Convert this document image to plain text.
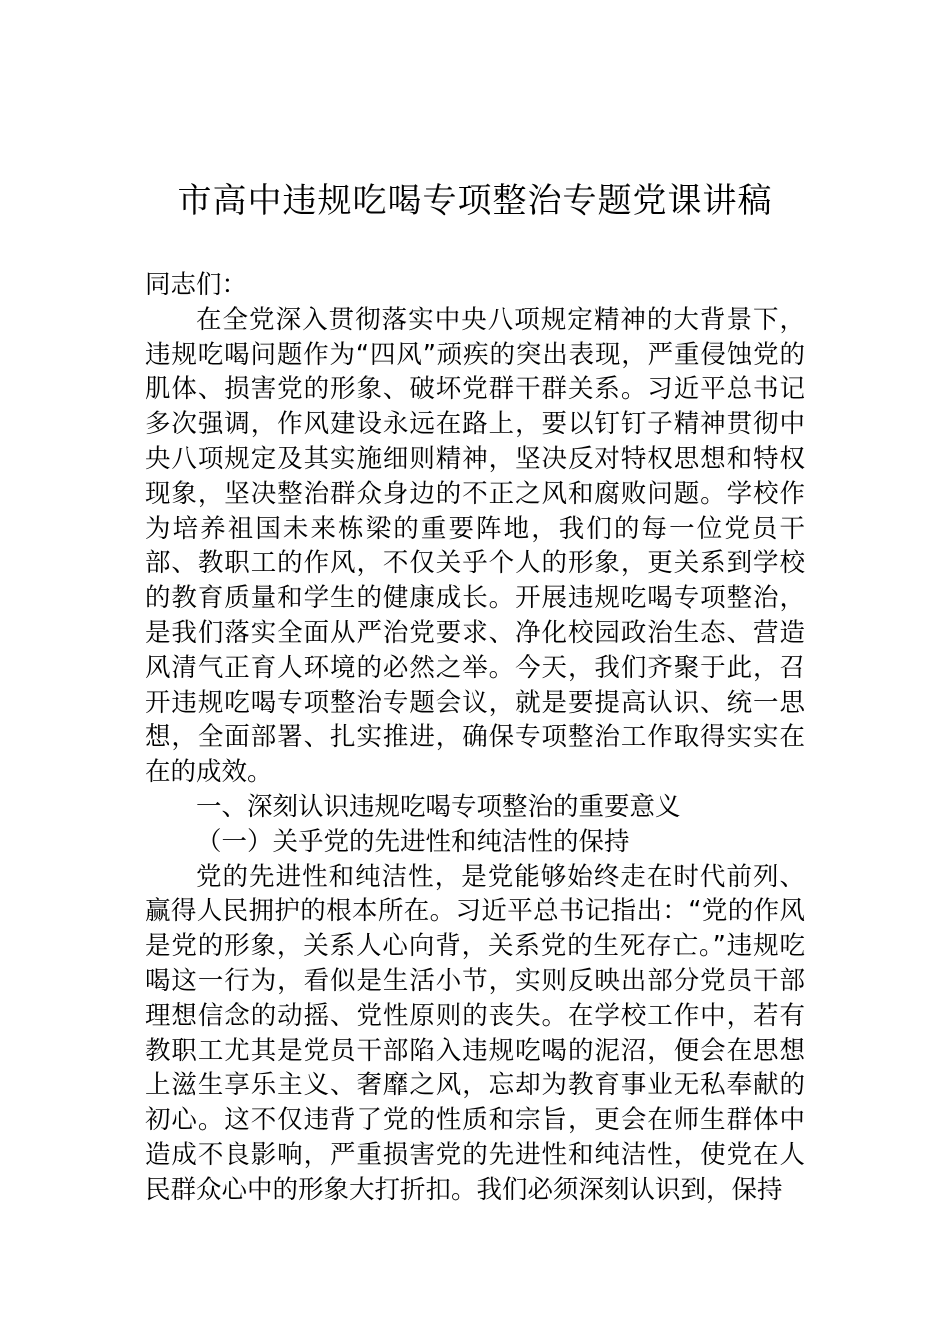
市高中违规吃喝专项整治专题党课讲稿

同志们：

在全党深入贯彻落实中央八项规定精神的大背景下，违规吃喝问题作为“四风”顽疾的突出表现，严重侵蚀党的肌体、损害党的形象、破坏党群干群关系。习近平总书记多次强调，作风建设永远在路上，要以钉钉子精神贯彻中央八项规定及其实施细则精神，坚决反对特权思想和特权现象，坚决整治群众身边的不正之风和腐败问题。学校作为培养祖国未来栋梁的重要阵地，我们的每一位党员干部、教职工的作风，不仅关乎个人的形象，更关系到学校的教育质量和学生的健康成长。开展违规吃喝专项整治，是我们落实全面从严治党要求、净化校园政治生态、营造风清气正育人环境的必然之举。今天，我们齐聚于此，召开违规吃喝专项整治专题会议，就是要提高认识、统一思想，全面部署、扎实推进，确保专项整治工作取得实实在在的成效。

一、深刻认识违规吃喝专项整治的重要意义

（一）关乎党的先进性和纯洁性的保持

党的先进性和纯洁性，是党能够始终走在时代前列、赢得人民拥护的根本所在。习近平总书记指出：“党的作风是党的形象，关系人心向背，关系党的生死存亡。”违规吃喝这一行为，看似是生活小节，实则反映出部分党员干部理想信念的动摇、党性原则的丧失。在学校工作中，若有教职工尤其是党员干部陷入违规吃喝的泥沼，便会在思想上滋生享乐主义、奢靡之风，忘却为教育事业无私奉献的初心。这不仅违背了党的性质和宗旨，更会在师生群体中造成不良影响，严重损害党的先进性和纯洁性，使党在人民群众心中的形象大打折扣。我们必须深刻认识到，保持
